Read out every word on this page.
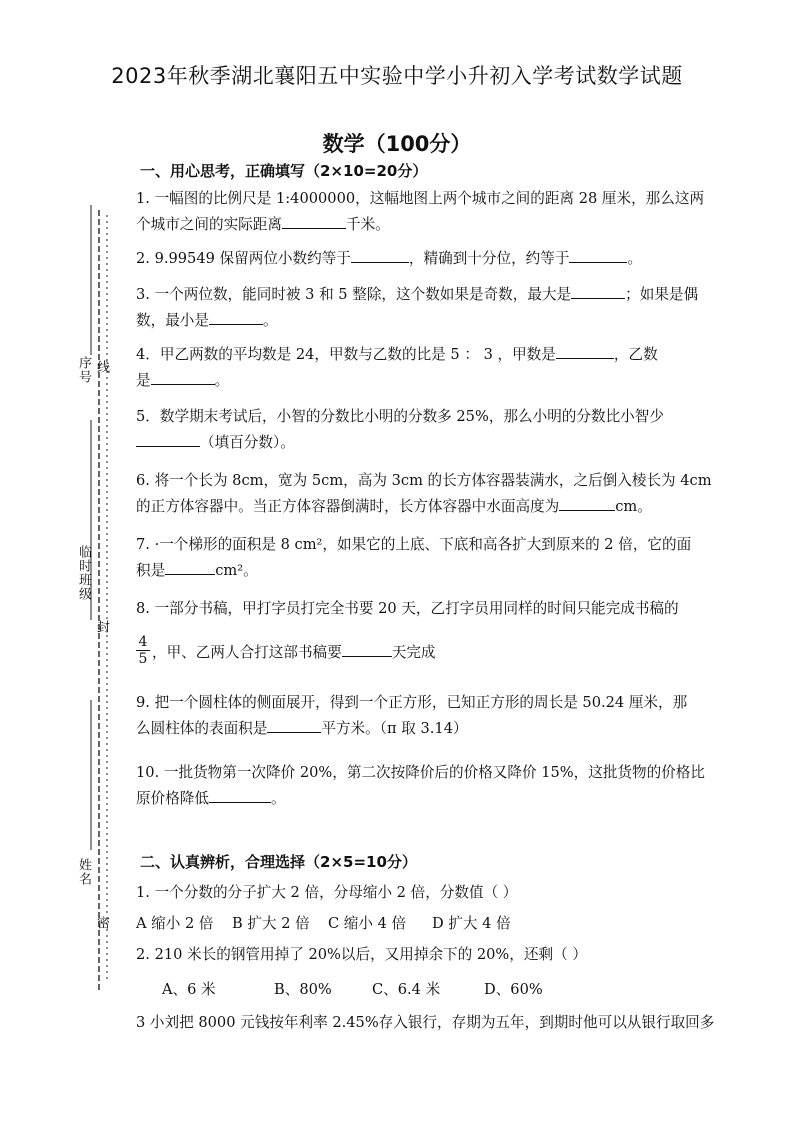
序号 线
临时班级
封
姓名
密
2023年秋季湖北襄阳五中实验中学小升初入学考试数学试题
数学（100分）
一、用心思考，正确填写（2×10=20分）
1. 一幅图的比例尺是 1:4000000，这幅地图上两个城市之间的距离 28 厘米，那么这两
个城市之间的实际距离	千米。
2. 9.99549 保留两位小数约等于	，精确到十分位，约等于	。
3. 一个两位数，能同时被 3 和 5 整除，这个数如果是奇数，最大是	；如果是偶
数，最小是	。
4．甲乙两数的平均数是 24，甲数与乙数的比是 5 ： 3 ，甲数是	，乙数
是	。
5．数学期末考试后，小智的分数比小明的分数多 25%，那么小明的分数比小智少
（填百分数）。
6. 将一个长为 8cm，宽为 5cm，高为 3cm 的长方体容器装满水，之后倒入棱长为 4cm
的正方体容器中。当正方体容器倒满时，长方体容器中水面高度为	cm。
7. ·一个梯形的面积是 8 cm²，如果它的上底、下底和高各扩大到原来的 2 倍，它的面
积是	cm²。
8. 一部分书稿，甲打字员打完全书要 20 天，乙打字员用同样的时间只能完成书稿的
$\frac{4}{5}$ ，甲、乙两人合打这部书稿要	天完成
9. 把一个圆柱体的侧面展开，得到一个正方形，已知正方形的周长是 50.24 厘米，那
么圆柱体的表面积是	平方米。（π 取 3.14）
10. 一批货物第一次降价 20%，第二次按降价后的价格又降价 15%，这批货物的价格比
原价格降低	。
二、认真辨析，合理选择（2×5=10分）
1. 一个分数的分子扩大 2 倍，分母缩小 2 倍，分数值（ ）
A 缩小 2 倍 B 扩大 2 倍 C 缩小 4 倍 D 扩大 4 倍
2. 210 米长的钢管用掉了 20%以后，又用掉余下的 20%，还剩（ ）
A、6 米	B、80%	C、6.4 米	D、60%
3 小刘把 8000 元钱按年利率 2.45%存入银行，存期为五年，到期时他可以从银行取回多
